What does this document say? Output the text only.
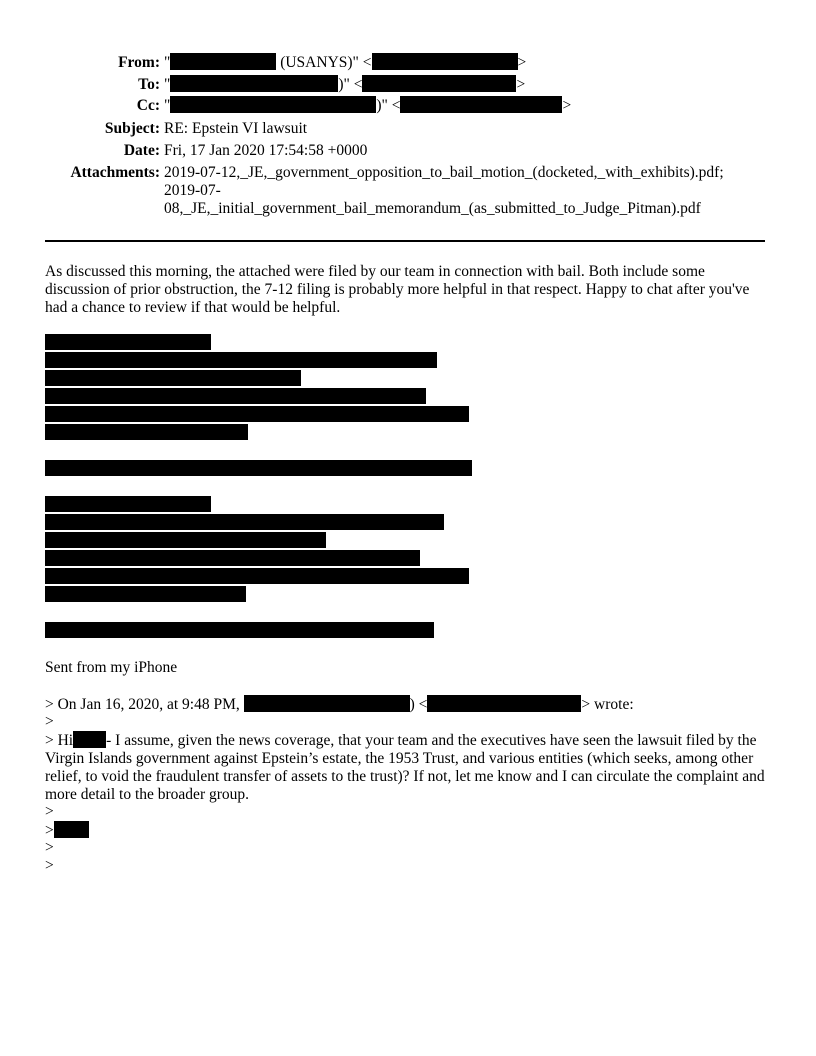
From: "	(USANYS)" <	>
To: "	)" <	>
Cc: "	)" <	>
Subject: RE: Epstein VI lawsuit
Date: Fri, 17 Jan 2020 17:54:58 +0000
Attachments: 2019-07-12,_JE,_government_opposition_to_bail_motion_(docketed,_with_exhibits).pdf;
2019-07-
08,_JE,_initial_government_bail_memorandum_(as_submitted_to_Judge_Pitman).pdf
As discussed this morning, the attached were filed by our team in connection with bail. Both include some discussion of prior obstruction, the 7-12 filing is probably more helpful in that respect. Happy to chat after you've had a chance to review if that would be helpful.
Sent from my iPhone
> On Jan 16, 2020, at 9:48 PM,	) <	> wrote:
>
> Hi - I assume, given the news coverage, that your team and the executives have seen the lawsuit filed by the Virgin Islands government against Epstein’s estate, the 1953 Trust, and various entities (which seeks, among other relief, to void the fraudulent transfer of assets to the trust)? If not, let me know and I can circulate the complaint and more detail to the broader group.
>
>
>
>
